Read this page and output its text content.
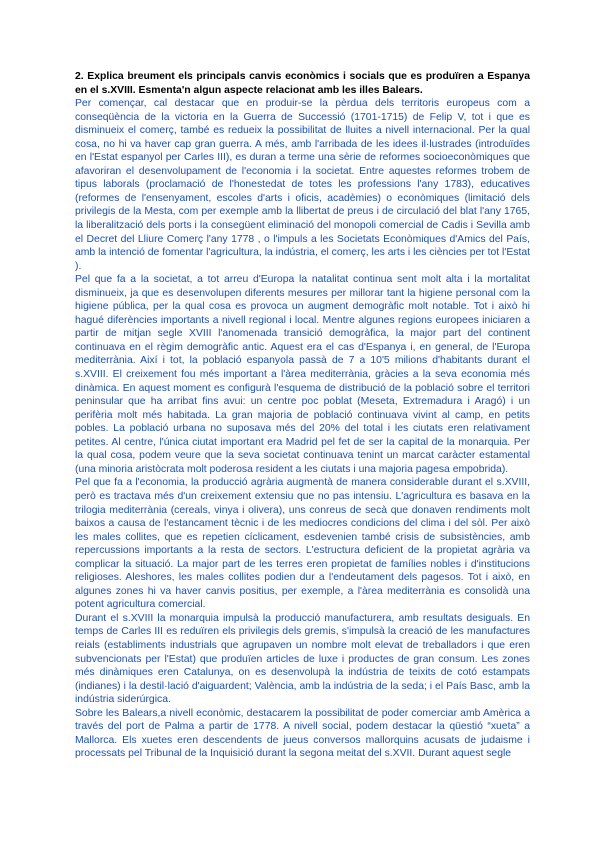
2. Explica breument els principals canvis econòmics i socials que es produïren a Espanya en el s.XVIII. Esmenta'n algun aspecte relacionat amb les illes Balears.

Per començar, cal destacar que en produir-se la pèrdua dels territoris europeus com a conseqüència de la victoria en la Guerra de Successió (1701-1715) de Felip V, tot i que es disminueix el comerç, també es redueix la possibilitat de lluites a nivell internacional. Per la qual cosa, no hi va haver cap gran guerra. A més, amb l'arribada de les idees il·lustrades (introduïdes en l'Estat espanyol per Carles III), es duran a terme una sèrie de reformes socioeconòmiques que afavoriran el desenvolupament de l'economia i la societat. Entre aquestes reformes trobem de tipus laborals (proclamació de l'honestedat de totes les professions l'any 1783), educatives (reformes de l'ensenyament, escoles d'arts i oficis, acadèmies) o econòmiques (limitació dels privilegis de la Mesta, com per exemple amb la llibertat de preus i de circulació del blat l'any 1765, la liberalització dels ports i la consegüent eliminació del monopoli comercial de Cadis i Sevilla amb el Decret del Lliure Comerç l'any 1778 , o l'impuls a les Societats Econòmiques d'Amics del País, amb la intenció de fomentar l'agricultura, la indústria, el comerç, les arts i les ciències per tot l'Estat ).

Pel que fa a la societat, a tot arreu d'Europa la natalitat continua sent molt alta i la mortalitat disminueix, ja que es desenvolupen diferents mesures per millorar tant la higiene personal com la higiene pública, per la qual cosa es provoca un augment demogràfic molt notable. Tot i això hi hagué diferències importants a nivell regional i local. Mentre algunes regions europees iniciaren a partir de mitjan segle XVIII l'anomenada transició demogràfica, la major part del continent continuava en el règim demogràfic antic. Aquest era el cas d'Espanya i, en general, de l'Europa mediterrània. Així i tot, la població espanyola passà de 7 a 10'5 milions d'habitants durant el s.XVIII. El creixement fou més important a l'àrea mediterrània, gràcies a la seva economia més dinàmica. En aquest moment es configurà l'esquema de distribució de la població sobre el territori peninsular que ha arribat fins avui: un centre poc poblat (Meseta, Extremadura i Aragó) i un perifèria molt més habitada. La gran majoria de població continuava vivint al camp, en petits pobles. La població urbana no suposava més del 20% del total i les ciutats eren relativament petites. Al centre, l'única ciutat important era Madrid pel fet de ser la capital de la monarquia. Per la qual cosa, podem veure que la seva societat continuava tenint un marcat caràcter estamental (una minoria aristòcrata molt poderosa resident a les ciutats i una majoria pagesa empobrida).

Pel que fa a l'economia, la producció agrària augmentà de manera considerable durant el s.XVIII, però es tractava més d'un creixement extensiu que no pas intensiu. L'agricultura es basava en la trilogia mediterrània (cereals, vinya i olivera), uns conreus de secà que donaven rendiments molt baixos a causa de l'estancament tècnic i de les mediocres condicions del clima i del sòl. Per això les males collites, que es repetien cíclicament, esdevenien també crisis de subsistències, amb repercussions importants a la resta de sectors. L'estructura deficient de la propietat agrària va complicar la situació. La major part de les terres eren propietat de famílies nobles i d'institucions religioses. Aleshores, les males collites podien dur a l'endeutament dels pagesos. Tot i això, en algunes zones hi va haver canvis positius, per exemple, a l'àrea mediterrània es consolidà una potent agricultura comercial.

Durant el s.XVIII la monarquia impulsà la producció manufacturera, amb resultats desiguals. En temps de Carles III es reduïren els privilegis dels gremis, s'impulsà la creació de les manufactures reials (establiments industrials que agrupaven un nombre molt elevat de treballadors i que eren subvencionats per l'Estat) que produïen articles de luxe i productes de gran consum. Les zones més dinàmiques eren Catalunya, on es desenvolupà la indústria de teixits de cotó estampats (indianes) i la destil·lació d'aiguardent; València, amb la indústria de la seda; i el País Basc, amb la indústria siderúrgica.

Sobre les Balears,a nivell econòmic, destacarem la possibilitat de poder comerciar amb Amèrica a través del port de Palma a partir de 1778. A nivell social, podem destacar la qüestió “xueta” a Mallorca. Els xuetes eren descendents de jueus conversos mallorquins acusats de judaisme i processats pel Tribunal de la Inquisició durant la segona meitat del s.XVII. Durant aquest segle
